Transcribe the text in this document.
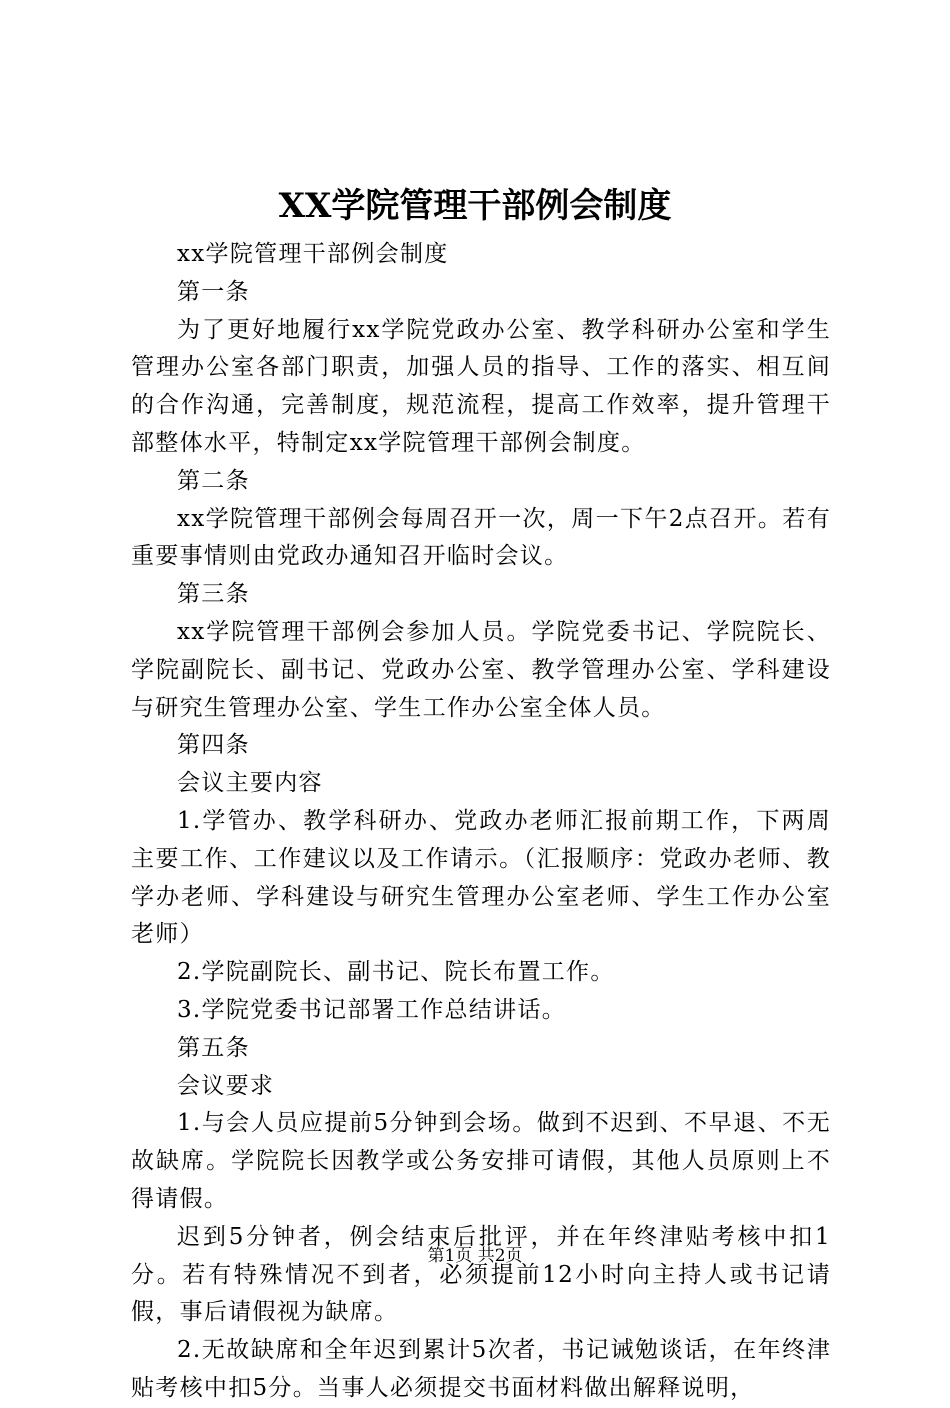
XX学院管理干部例会制度

xx学院管理干部例会制度

第一条

为了更好地履行xx学院党政办公室、教学科研办公室和学生管理办公室各部门职责，加强人员的指导、工作的落实、相互间的合作沟通，完善制度，规范流程，提高工作效率，提升管理干部整体水平，特制定xx学院管理干部例会制度。

第二条

xx学院管理干部例会每周召开一次，周一下午2点召开。若有重要事情则由党政办通知召开临时会议。

第三条

xx学院管理干部例会参加人员。学院党委书记、学院院长、学院副院长、副书记、党政办公室、教学管理办公室、学科建设与研究生管理办公室、学生工作办公室全体人员。

第四条

会议主要内容

1.学管办、教学科研办、党政办老师汇报前期工作，下两周主要工作、工作建议以及工作请示。（汇报顺序：党政办老师、教学办老师、学科建设与研究生管理办公室老师、学生工作办公室老师）

2.学院副院长、副书记、院长布置工作。

3.学院党委书记部署工作总结讲话。

第五条

会议要求

1.与会人员应提前5分钟到会场。做到不迟到、不早退、不无故缺席。学院院长因教学或公务安排可请假，其他人员原则上不得请假。

迟到5分钟者，例会结束后批评，并在年终津贴考核中扣1分。若有特殊情况不到者，必须提前12小时向主持人或书记请假，事后请假视为缺席。

2.无故缺席和全年迟到累计5次者，书记诫勉谈话，在年终津贴考核中扣5分。当事人必须提交书面材料做出解释说明，

第1页 共2页
